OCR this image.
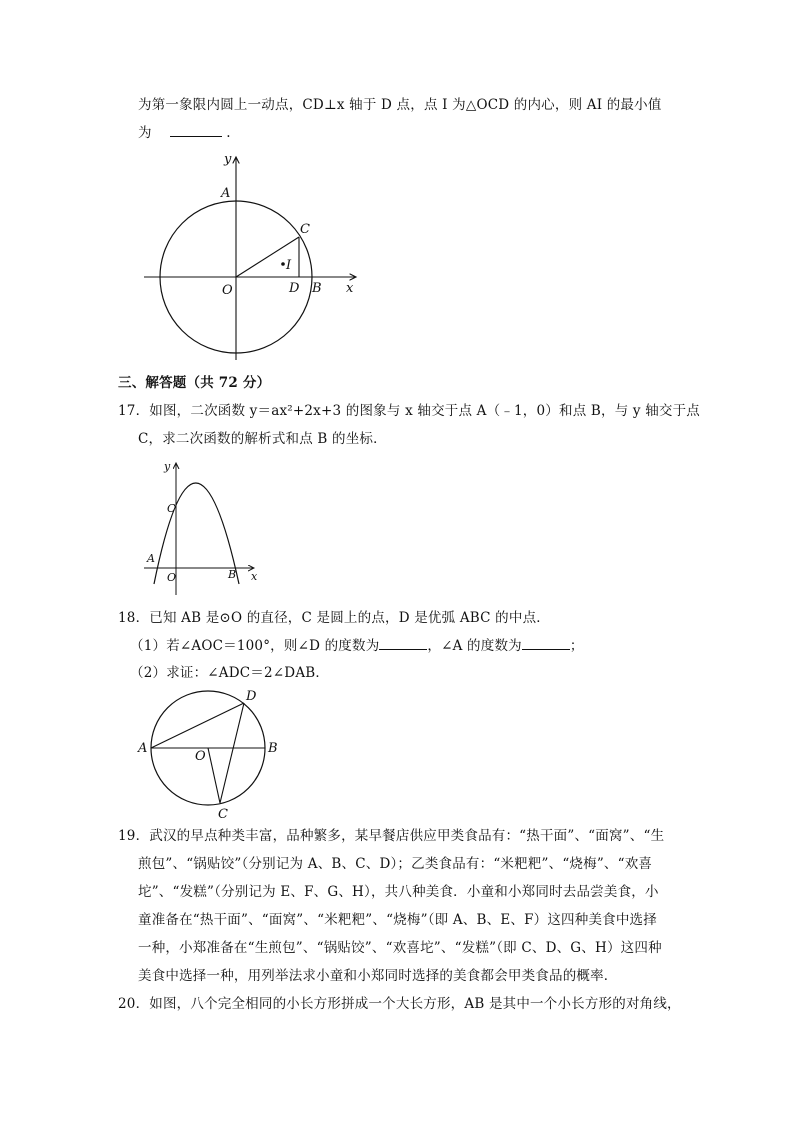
为第一象限内圆上一动点，CD⊥x 轴于 D 点，点 I 为△OCD 的内心，则 AI 的最小值
为	.
y
A
C
I
O	D B x
三、解答题（共 72 分）
17．如图，二次函数 y＝ax²+2x+3 的图象与 x 轴交于点 A（﹣1，0）和点 B，与 y 轴交于点
C，求二次函数的解析式和点 B 的坐标．
y
C
A
O	B x
18．已知 AB 是⊙O 的直径，C 是圆上的点，D 是优弧 ABC 的中点．
（1）若∠AOC＝100°，则∠D 的度数为	，∠A 的度数为	；
（2）求证：∠ADC＝2∠DAB．
A	B
O
D
C
19．武汉的早点种类丰富，品种繁多，某早餐店供应甲类食品有：“热干面”、“面窝”、“生
煎包”、“锅贴饺”（分别记为 A、B、C、D）；乙类食品有：“米粑粑”、“烧梅”、“欢喜
坨”、“发糕”（分别记为 E、F、G、H），共八种美食．小童和小郑同时去品尝美食，小
童准备在“热干面”、“面窝”、“米粑粑”、“烧梅”（即 A、B、E、F）这四种美食中选择
一种，小郑准备在“生煎包”、“锅贴饺”、“欢喜坨”、“发糕”（即 C、D、G、H）这四种
美食中选择一种，用列举法求小童和小郑同时选择的美食都会甲类食品的概率．
20．如图，八个完全相同的小长方形拼成一个大长方形，AB 是其中一个小长方形的对角线，
